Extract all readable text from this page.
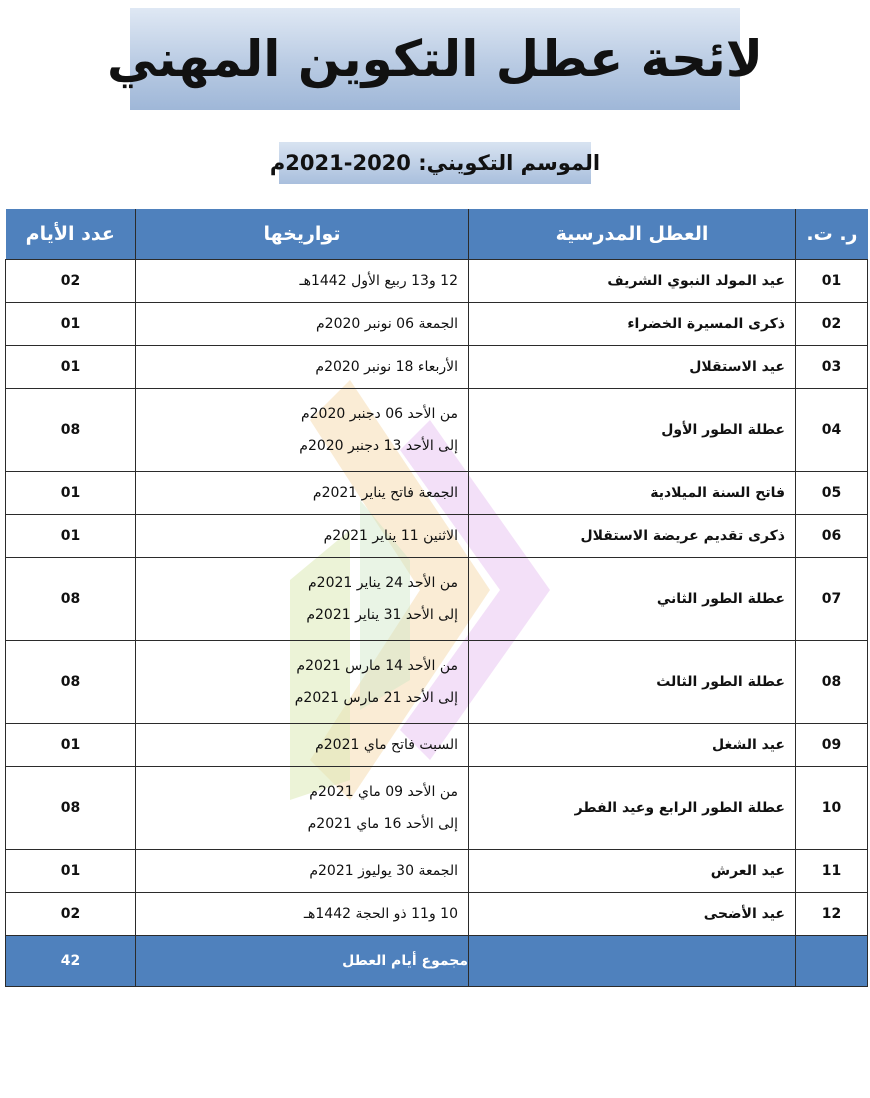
لائحة عطل التكوين المهني
الموسم التكويني: 2020-2021م
ر. ت.	العطل المدرسية	تواريخها	عدد الأيام
01	عيد المولد النبوي الشريف	12 و13 ربيع الأول 1442هـ	02
02	ذكرى المسيرة الخضراء	الجمعة 06 نونبر 2020م	01
03	عيد الاستقلال	الأربعاء 18 نونبر 2020م	01
04	عطلة الطور الأول	من الأحد 06 دجنبر 2020م
إلى الأحد 13 دجنبر 2020م	08
05	فاتح السنة الميلادية	الجمعة فاتح يناير 2021م	01
06	ذكرى تقديم عريضة الاستقلال	الاثنين 11 يناير 2021م	01
07	عطلة الطور الثاني	من الأحد 24 يناير 2021م
إلى الأحد 31 يناير 2021م	08
08	عطلة الطور الثالث	من الأحد 14 مارس 2021م
إلى الأحد 21 مارس 2021م	08
09	عيد الشغل	السبت فاتح ماي 2021م	01
10	عطلة الطور الرابع وعيد الفطر	من الأحد 09 ماي 2021م
إلى الأحد 16 ماي 2021م	08
11	عيد العرش	الجمعة 30 يوليوز 2021م	01
12	عيد الأضحى	10 و11 ذو الحجة 1442هـ	02
		مجموع أيام العطل	42
